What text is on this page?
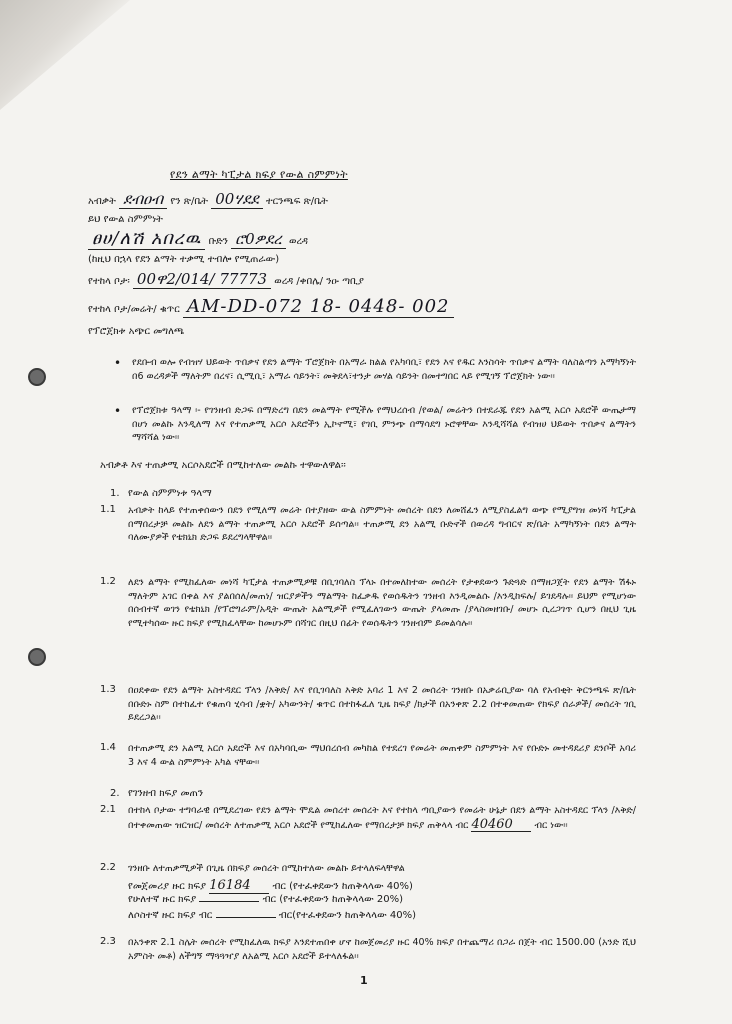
የደን ልማት ካፒታል ክፍያ የውል ስምምነት
አብቃት ደብዐብ የን ጽ/ቤት 00ሃደደ ተርንጫፍ ጽ/ቤት
ይህ የውል ስምምነት
ፀሀ/ለሽ አበረዉ ቡድን ሮ0ዎደረ ወረዳ
(ከዚህ በኋላ የደን ልማት ተቃሚ ተብሎ የሚጠራው)
የተከላ ቦታ፡ 00ዋ2/014/ 77773 ወረዳ /ቀበሌ/ ንዑ ጣቢያ
የተከላ ቦታ/መሬት/ ቁጥር AM-DD-072 18- 0448- 002
የፕሮጀክቱ አጭር መግለጫ
• የደቡብ ወሎ የብዝሃ ህይወት ጥበቃና የደን ልማት ፕሮጀክት በአማራ ክልል የአካባቢ፣ የደን እና የዱር እንስሳት ጥበቃና ልማት ባለስልጣን አማካኝነት በ6 ወረዳዎች ማለትም በረና፣ ሲሚቢ፣ አማራ ሳይንት፣ መቅደላ፣ተንታ መሃል ሳይንት በመተግበር ላይ የሚገኝ ፕሮጀክት ነው፡፡
• የፕሮጀክቱ ዓላማ ፡- የገንዘብ ድጋፍ በማድረግ በደን መልማት የሚችሉ የማህረሰብ /የወል/ መሬትን በተደራጁ የደን አልሚ አርሶ አደሮች ውጤታማ በሆነ መልኩ እንዲለማ እና የተጠቃሚ አርሶ አደሮችን ኢኮኖሚ፣ የገቢ ምንጭ በማሳደግ ኑሮዋቸው እንዲሻሻል የብዝሀ ህይወት ጥበቃና ልማትን ማሻሻል ነው፡፡
አብቃቶ እና ተጠቃሚ አርሶአደሮች በሚከተለው መልኩ ተዋውለዋል፡፡
1. የውል ስምምነቱ ዓላማ
1.1 አብቃት ከላይ የተጠቀሰውን በደን የሚለማ መሬት በተያዘው ውል ስምምነት መሰረት በደን ለመሸፈን ለሚያስፈልግ ወጭ የሚያግዝ መነሻ ካፒታል በማበረታቻ መልኩ ለደን ልማት ተጠቃሚ አርሶ አደሮች ይሰጣል፡፡ ተጠቃሚ ደን አልሚ ቡድኖች በወረዳ ግብርና ጽ/ቤት አማካኝነት በደን ልማት ባለሙያዎች የቴክኒክ ድጋፍ ይደረግላቸዋል፡፡
1.2 ለደን ልማት የሚከፈለው መነሻ ካፒታል ተጠቃሚዎቹ በቢገባለስ ፕላኑ በተመለከተው መሰረት የታቀደውን ጉድጓድ በማዘጋጀት የደን ልማት ሽፋኑ ማለትም አገር በቀል እና ያልበሰለ/መጠነ/ ዝርያዎችን ማልማት ከፈቃዱ የወሰዱትን ገንዘብ እንዲመልሱ /እንዲከፍሉ/ ይገደዳሉ፡፡ ይህም የሚሆነው በሰብተኛ ወገን የቴክኒክ /የፕሮግራም/አዲት ውጤት አልሚዎች የሚፈለገውን ውጤት ያላመጡ /ያላስመዘገቡ/ መሆኑ ሲረጋገጥ ሲሆን በዚህ ጊዜ የሚተካሰው ዙር ክፍያ የሚከፈላቸው ከመሆኑም በሻገር በዚህ በፊት የወሰዱትን ገንዘብም ይመልሳሉ፡፡
1.3 በዐደቀው የደን ልማት አስተዳደር ፕላን /እቅድ/ እና የቢገባለስ እቅድ አባሪ 1 እና 2 መሰረት ገንዘቡ በአቃሬቢያው ባለ የአብቂት ቅርንጫፍ ጽ/ቤት በቡድኑ ስም በተከፈተ የቁጠባ ሂሳብ /ቋት/ አካውንት/ ቁጥር በተከፋፈለ ጊዜ ክፍያ /ክታች በአንቀጽ 2.2 በተቀመጠው የክፍያ ሰራዎች/ መሰረት ገቢ ይደረጋል፡፡
1.4 በተጠቃሚ ደን አልሚ አርሶ አደሮች እና በአካባቢው ማህበረሰብ መካከል የተደረገ የመሬት መጠቀም ስምምነት እና የቡድኑ መተዳደሪያ ደንቦች አባሪ 3 እና 4 ውል ስምምነት አካል ናቸው፡፡
2. የገንዘብ ክፍያ መጠን
2.1 በተከላ ቦታው ተግባራዊ በሚደረገው የደን ልማት ሞዴል መሰረተ መሰረት እና የተከላ ጣቢያውን የመሬት ሁኔታ በደን ልማት አስተዳደር ፕላን /እቅድ/ በተቀመጠው ዝርዝር/ መሰረት ለተጠቃሚ አርሶ አደሮች የሚከፈለው የማበረታቻ ክፍያ ጠቅላላ ብር 40460 ብር ነው፡፡
2.2 ገንዘቡ ለተጠቃሚዎች በጊዜ በክፍያ መሰረት በሚከተለው መልኩ ይተላለፍላቸዋል
የመጀመሪያ ዙር ክፍያ 16184 ብር (የተፈቀደውን ከጠቅላላው 40%)
የሁለተኛ ዙር ክፍያ	ብር (የተፈቀደውን ከጠቅላላው 20%)
ለሶስተኛ ዙር ክፍያ ብር	ብር(የተፈቀደውን ከጠቅላላው 40%)
2.3 በአንቀጽ 2.1 ስሌት መሰረት የሚከፈለዉ ክፍያ እንደተጠበቀ ሆኖ ከመጀመሪያ ዙር 40% ክፍያ በተጨማሪ በጋራ በጀት ብር 1500.00 (አንድ ሺህ አምስት መቶ) ለችግኝ ማጓጓዣያ ለአልሚ አርሶ አደሮች ይተላለፋል፡፡
1
